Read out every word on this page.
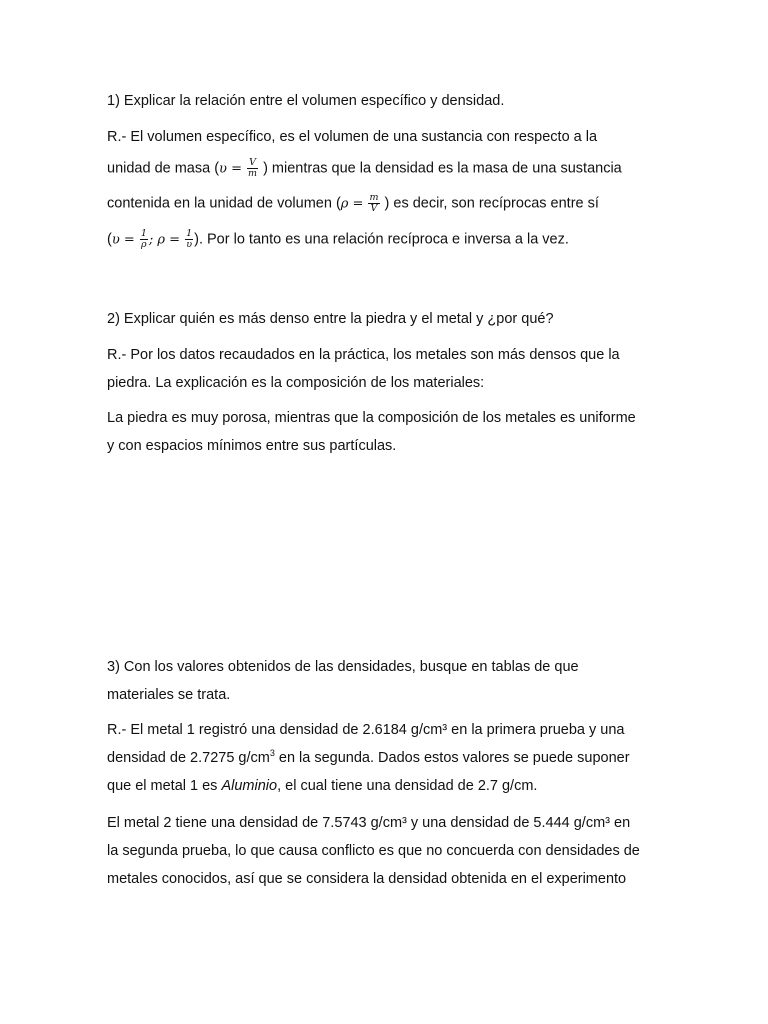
1) Explicar la relación entre el volumen específico y densidad.
R.- El volumen específico, es el volumen de una sustancia con respecto a la
unidad de masa ($\upsilon = \frac{V}{m}$ ) mientras que la densidad es la masa de una sustancia
contenida en la unidad de volumen ($\rho = \frac{m}{V}$ ) es decir, son recíprocas entre sí
($\upsilon = \frac{1}{\rho}$ ; $\rho = \frac{1}{\upsilon}$ ). Por lo tanto es una relación recíproca e inversa a la vez.
2) Explicar quién es más denso entre la piedra y el metal y ¿por qué?
R.- Por los datos recaudados en la práctica, los metales son más densos que la
piedra. La explicación es la composición de los materiales:
La piedra es muy porosa, mientras que la composición de los metales es uniforme
y con espacios mínimos entre sus partículas.
3) Con los valores obtenidos de las densidades, busque en tablas de que
materiales se trata.
R.- El metal 1 registró una densidad de 2.6184 g/cm³ en la primera prueba y una
densidad de 2.7275 $g/cm^3$ en la segunda. Dados estos valores se puede suponer
que el metal 1 es Aluminio, el cual tiene una densidad de 2.7 g/cm.
El metal 2 tiene una densidad de 7.5743 g/cm³ y una densidad de 5.444 g/cm³ en
la segunda prueba, lo que causa conflicto es que no concuerda con densidades de
metales conocidos, así que se considera la densidad obtenida en el experimento
